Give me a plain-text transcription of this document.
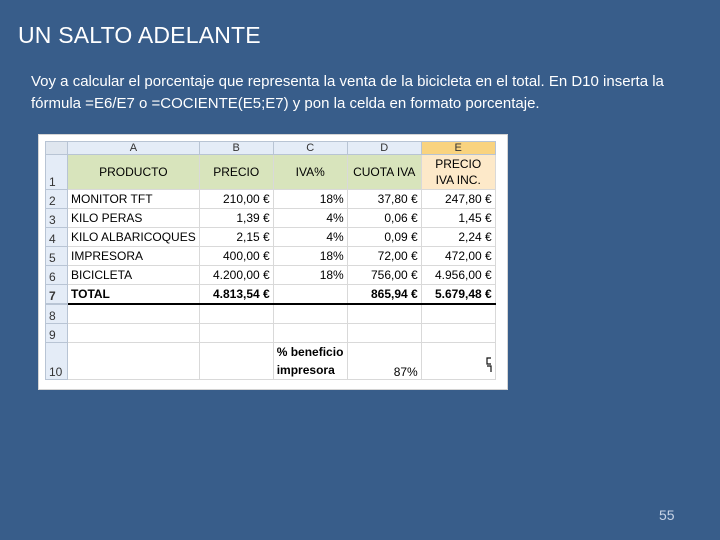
UN SALTO ADELANTE
Voy a calcular el porcentaje que representa la venta de la bicicleta en el total. En D10 inserta la fórmula =E6/E7 o =COCIENTE(E5;E7) y pon la celda en formato porcentaje.
	A	B	C	D	E
1	PRODUCTO	PRECIO	IVA%	CUOTA IVA	PRECIO IVA INC.
2	MONITOR TFT	210,00 €	18%	37,80 €	247,80 €
3	KILO PERAS	1,39 €	4%	0,06 €	1,45 €
4	KILO ALBARICOQUES	2,15 €	4%	0,09 €	2,24 €
5	IMPRESORA	400,00 €	18%	72,00 €	472,00 €
6	BICICLETA	4.200,00 €	18%	756,00 €	4.956,00 €
7	TOTAL	4.813,54 €		865,94 €	5.679,48 €
8					
9					
10			% beneficio impresora	87%	
55
